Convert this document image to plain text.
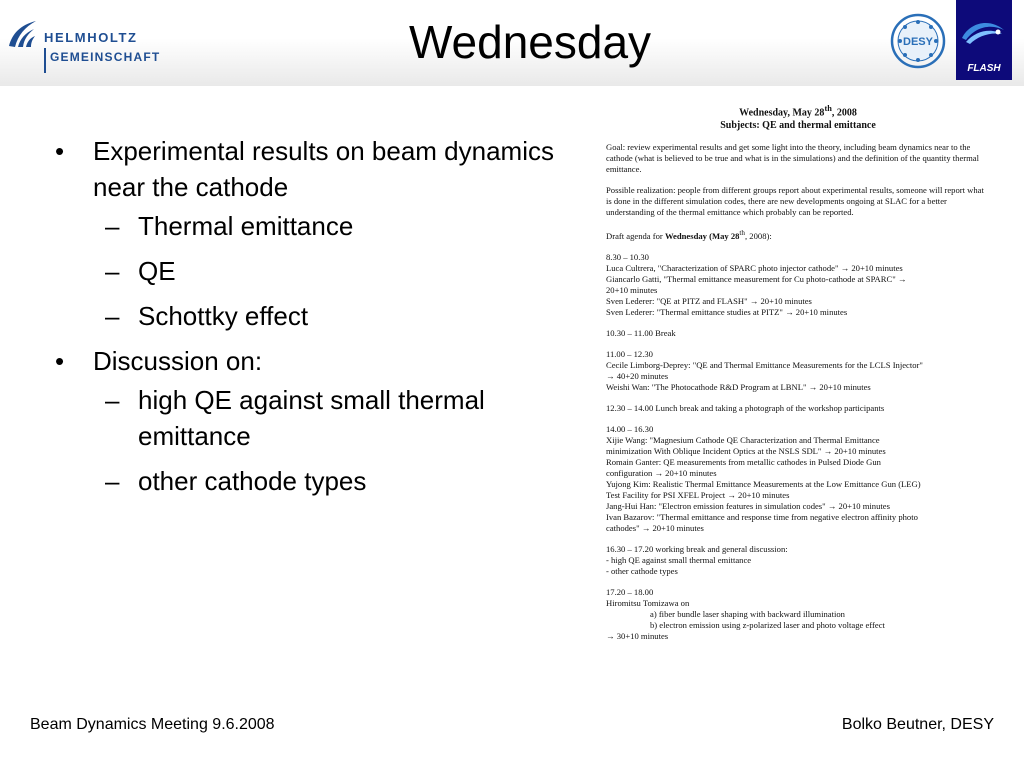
HELMHOLTZ
GEMEINSCHAFT	Wednesday	DESY
FLASH
• Experimental results on beam dynamics near the cathode
– Thermal emittance
– QE
– Schottky effect
• Discussion on:
– high QE against small thermal emittance
– other cathode types
Wednesday, May 28th, 2008
Subjects: QE and thermal emittance

Goal: review experimental results and get some light into the theory, including beam dynamics near to the cathode (what is believed to be true and what is in the simulations) and the definition of the quantity thermal emittance.

Possible realization: people from different groups report about experimental results, someone will report what is done in the different simulation codes, there are new developments ongoing at SLAC for a better understanding of the thermal emittance which probably can be reported.

Draft agenda for Wednesday (May 28th, 2008):

8.30 – 10.30
Luca Cultrera, "Characterization of SPARC photo injector cathode" → 20+10 minutes
Giancarlo Gatti, "Thermal emittance measurement for Cu photo-cathode at SPARC" →
20+10 minutes
Sven Lederer: "QE at PITZ and FLASH" → 20+10 minutes
Sven Lederer: "Thermal emittance studies at PITZ" → 20+10 minutes
10.30 – 11.00 Break
11.00 – 12.30
Cecile Limborg-Deprey: "QE and Thermal Emittance Measurements for the LCLS Injector"
→ 40+20 minutes
Weishi Wan: "The Photocathode R&D Program at LBNL" → 20+10 minutes
12.30 – 14.00 Lunch break and taking a photograph of the workshop participants
14.00 – 16.30
Xijie Wang: "Magnesium Cathode QE Characterization and Thermal Emittance
minimization With Oblique Incident Optics at the NSLS SDL" → 20+10 minutes
Romain Ganter: QE measurements from metallic cathodes in Pulsed Diode Gun
configuration → 20+10 minutes
Yujong Kim: Realistic Thermal Emittance Measurements at the Low Emittance Gun (LEG)
Test Facility for PSI XFEL Project → 20+10 minutes
Jang-Hui Han: "Electron emission features in simulation codes" → 20+10 minutes
Ivan Bazarov: "Thermal emittance and response time from negative electron affinity photo
cathodes" → 20+10 minutes
16.30 – 17.20 working break and general discussion:
- high QE against small thermal emittance
- other cathode types
17.20 – 18.00
Hiromitsu Tomizawa on
a) fiber bundle laser shaping with backward illumination
b) electron emission using z-polarized laser and photo voltage effect
→ 30+10 minutes
Beam Dynamics Meeting 9.6.2008	Bolko Beutner, DESY
